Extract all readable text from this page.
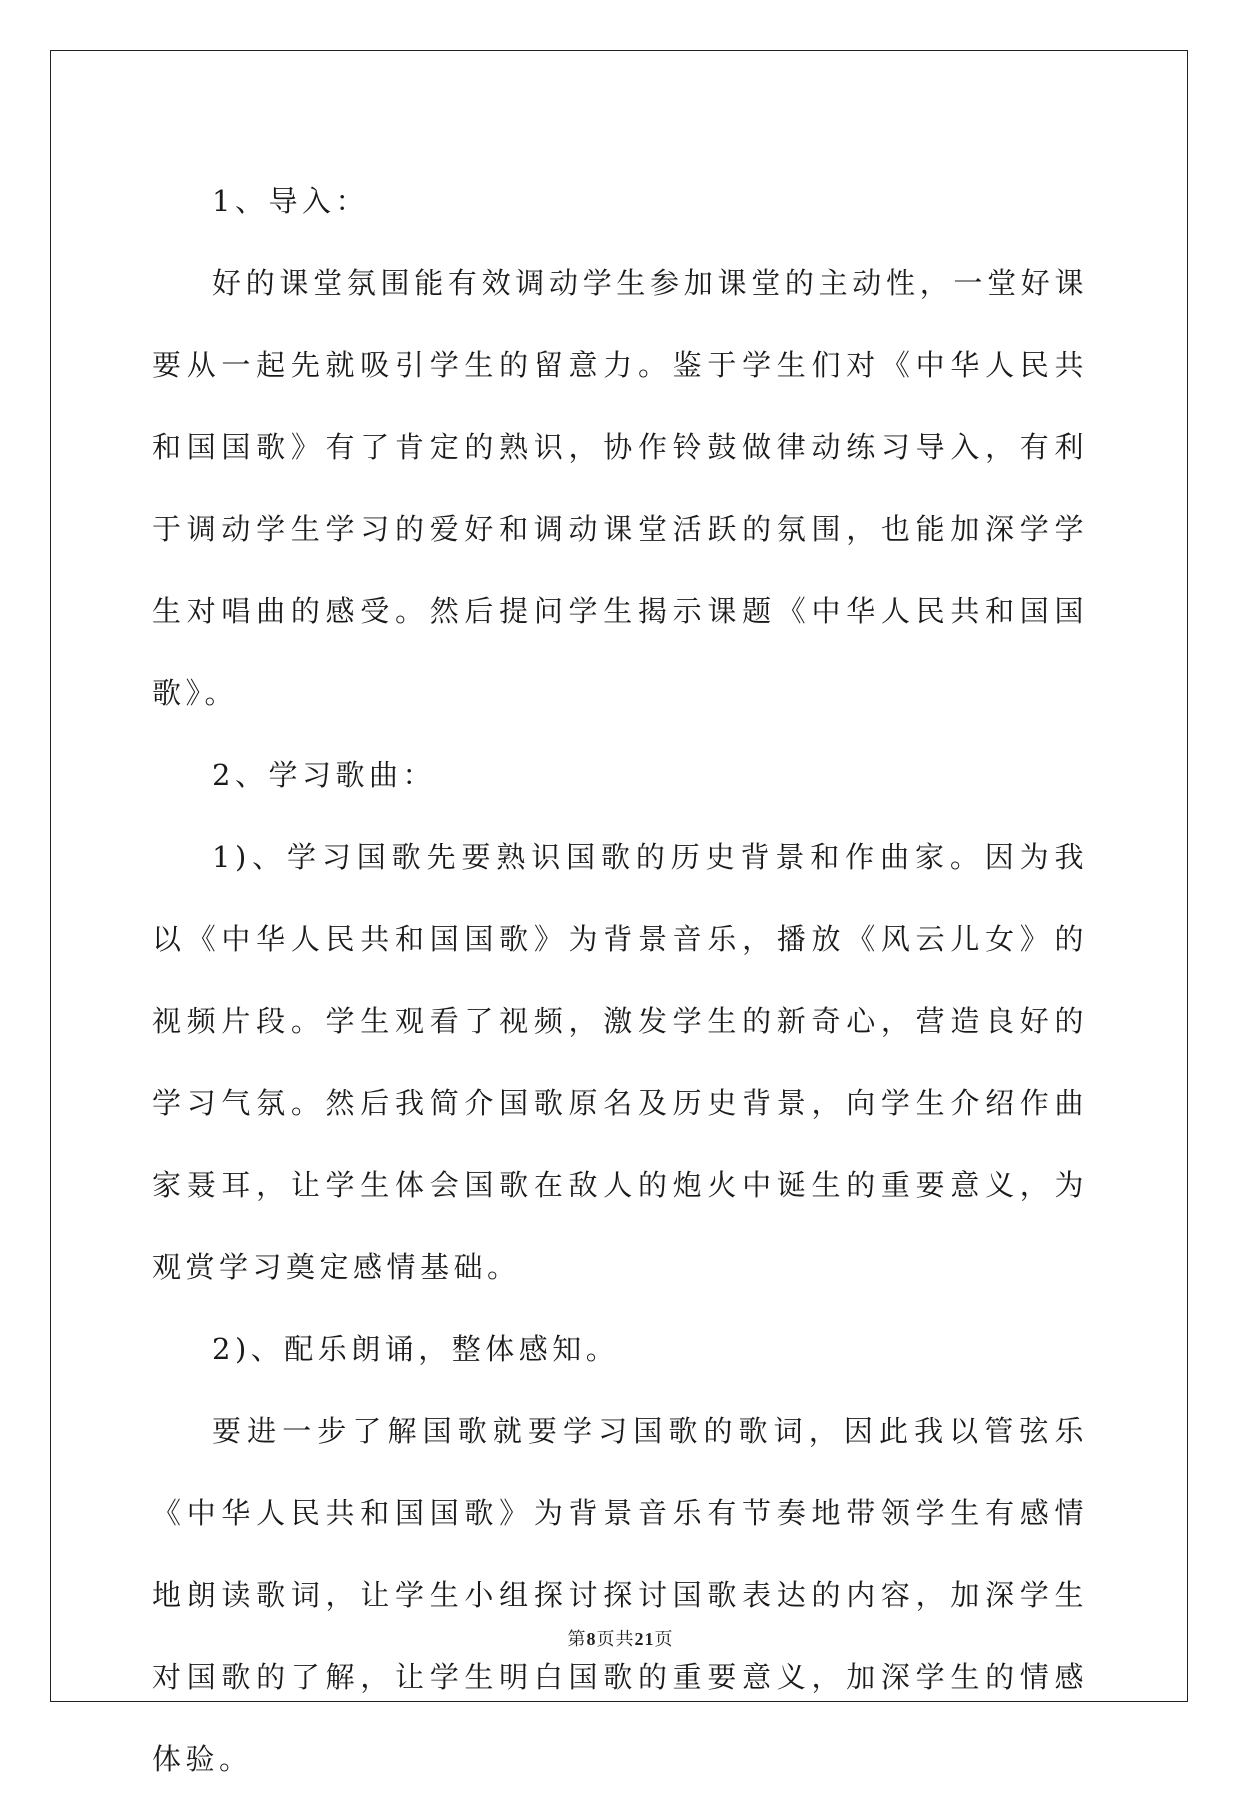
1、导入：

好的课堂氛围能有效调动学生参加课堂的主动性，一堂好课要从一起先就吸引学生的留意力。鉴于学生们对《中华人民共和国国歌》有了肯定的熟识，协作铃鼓做律动练习导入，有利于调动学生学习的爱好和调动课堂活跃的氛围，也能加深学学生对唱曲的感受。然后提问学生揭示课题《中华人民共和国国歌》。

2、学习歌曲：

1)、学习国歌先要熟识国歌的历史背景和作曲家。因为我以《中华人民共和国国歌》为背景音乐，播放《风云儿女》的视频片段。学生观看了视频，激发学生的新奇心，营造良好的学习气氛。然后我简介国歌原名及历史背景，向学生介绍作曲家聂耳，让学生体会国歌在敌人的炮火中诞生的重要意义，为观赏学习奠定感情基础。

2)、配乐朗诵，整体感知。

要进一步了解国歌就要学习国歌的歌词，因此我以管弦乐《中华人民共和国国歌》为背景音乐有节奏地带领学生有感情地朗读歌词，让学生小组探讨探讨国歌表达的内容，加深学生对国歌的了解，让学生明白国歌的重要意义，加深学生的情感体验。

第8页共21页
